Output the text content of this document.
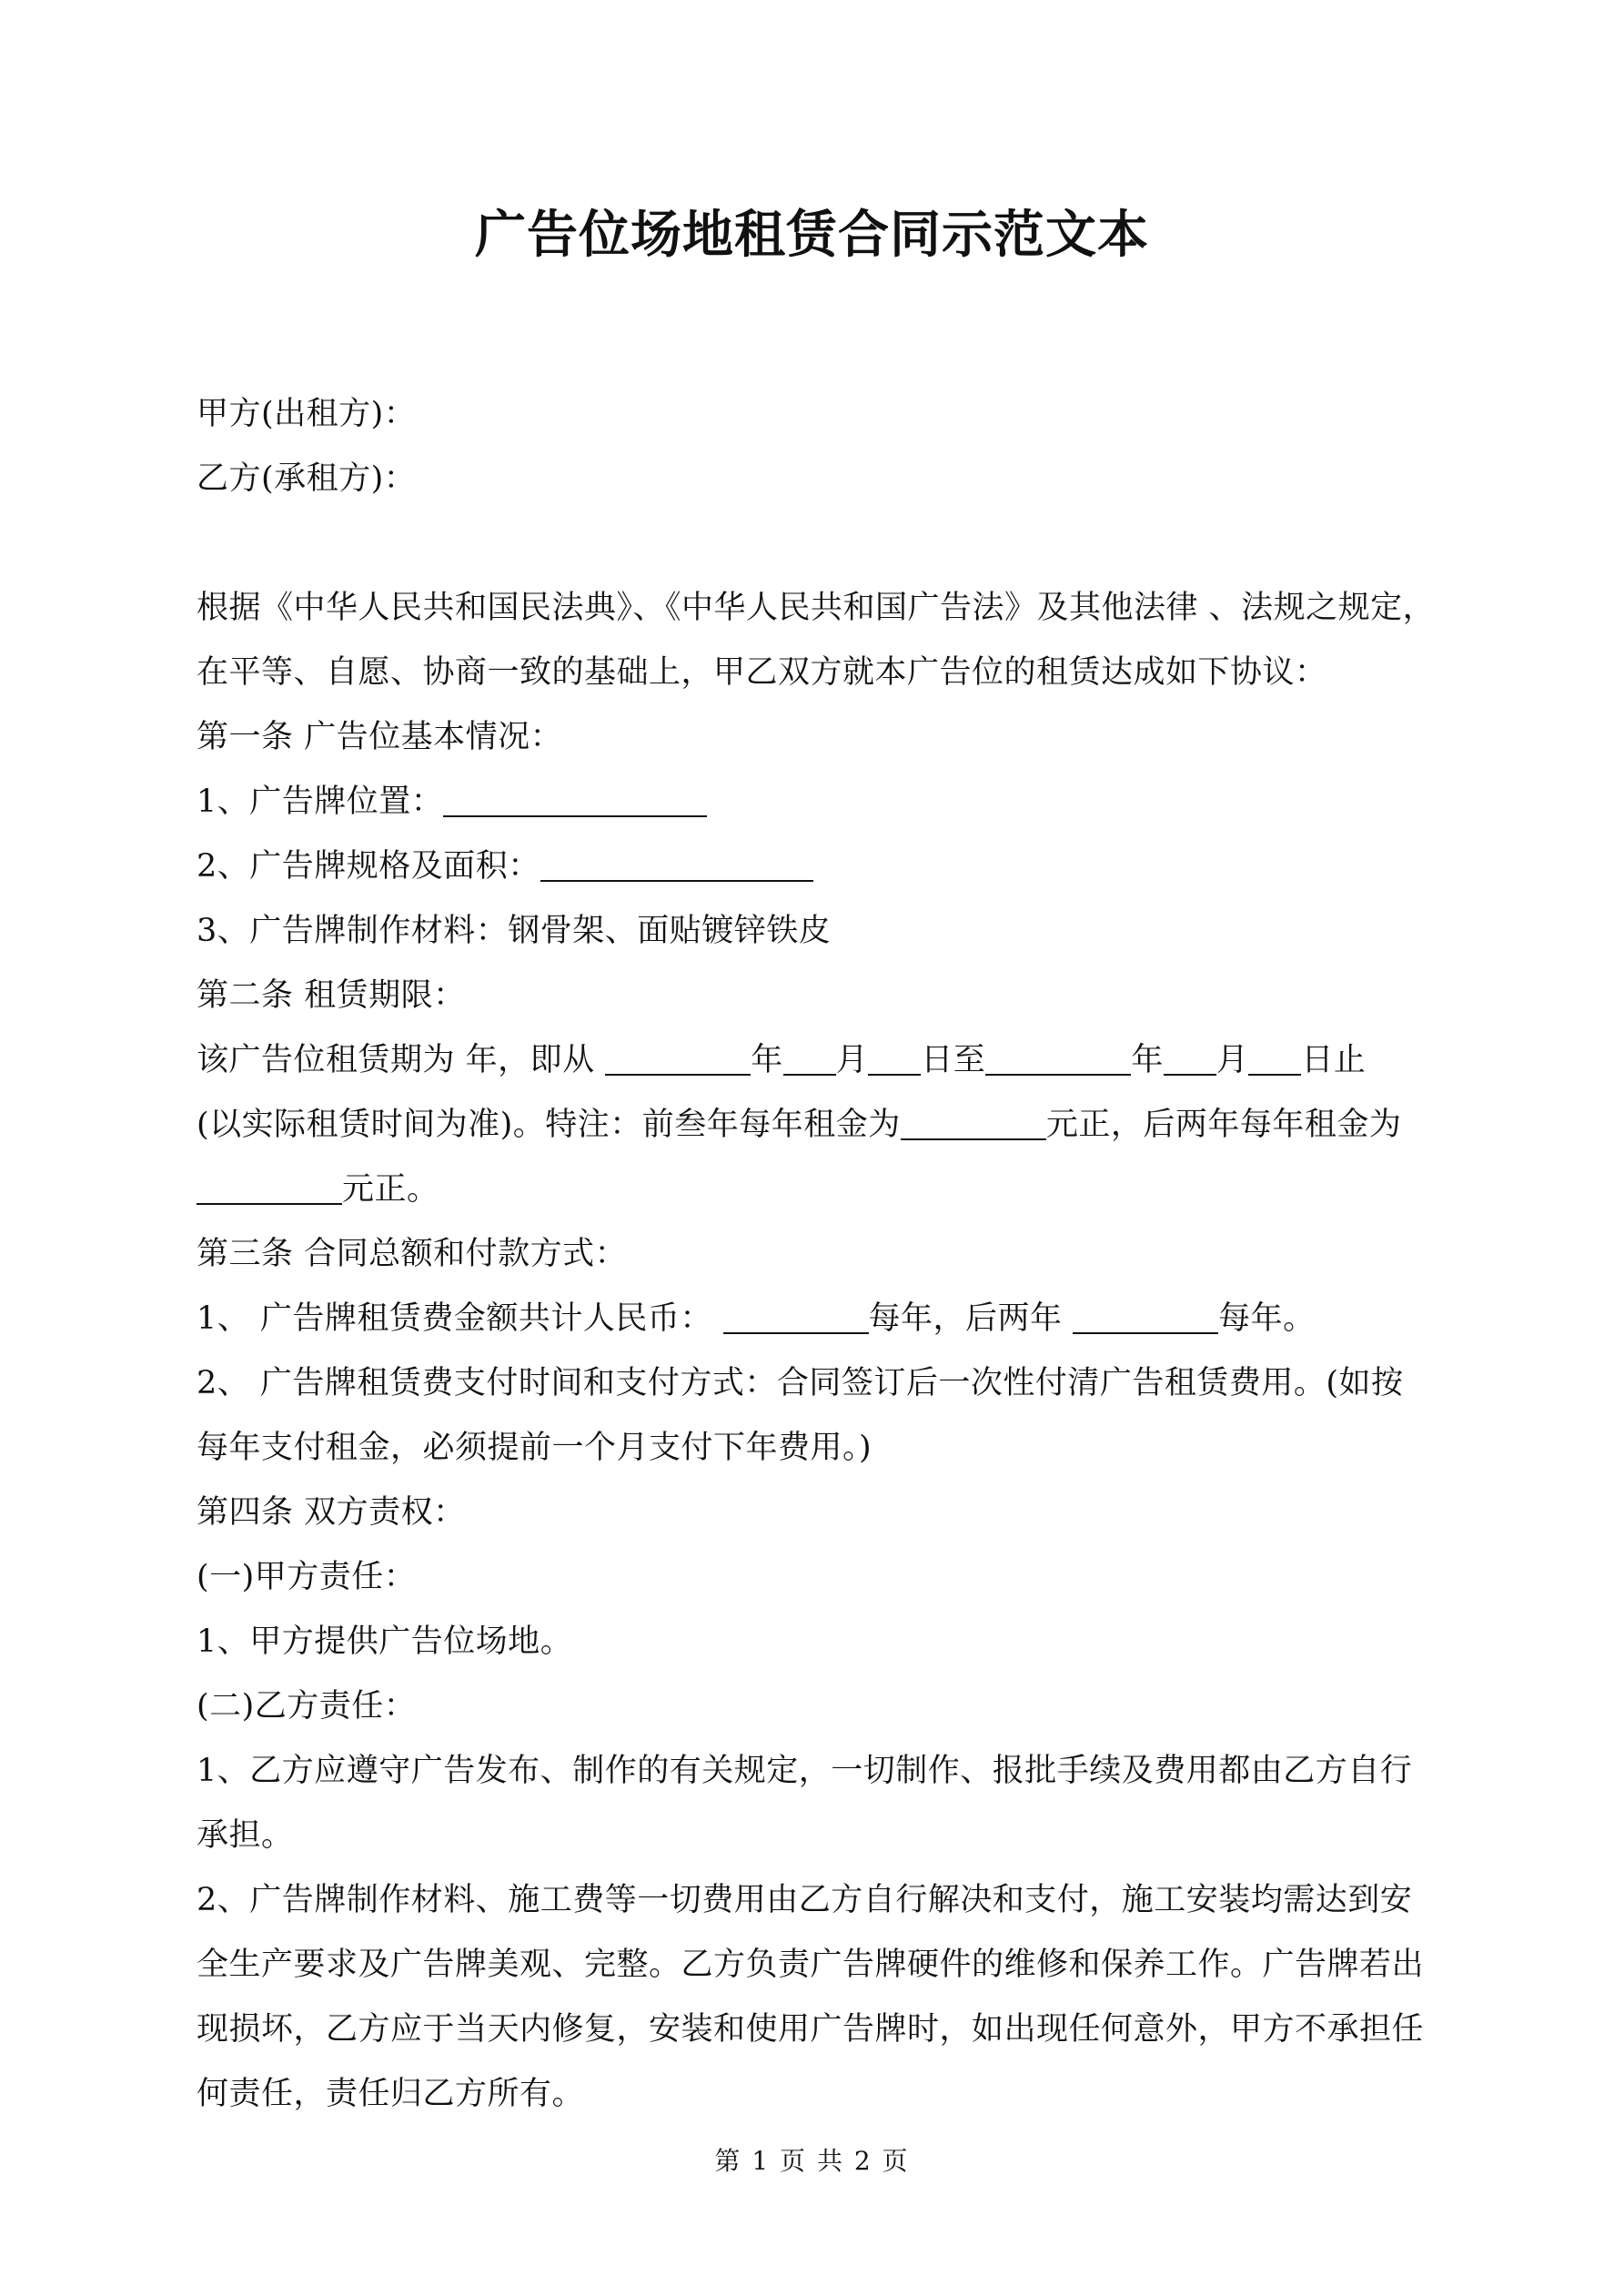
广告位场地租赁合同示范文本

甲方(出租方)：

乙方(承租方)：

根据《中华人民共和国民法典》、《中华人民共和国广告法》及其他法律 、法规之规定，

在平等、自愿、协商一致的基础上，甲乙双方就本广告位的租赁达成如下协议：

第一条 广告位基本情况：

1、广告牌位置：

2、广告牌规格及面积：

3、广告牌制作材料：钢骨架、面贴镀锌铁皮

第二条 租赁期限：

该广告位租赁期为 年，即从	年 月 日至	年 月 日止

(以实际租赁时间为准)。特注：前叁年每年租金为	元正，后两年每年租金为

元正。

第三条 合同总额和付款方式：

1、 广告牌租赁费金额共计人民币：	每年，后两年	每年。

2、 广告牌租赁费支付时间和支付方式：合同签订后一次性付清广告租赁费用。(如按

每年支付租金，必须提前一个月支付下年费用。)

第四条 双方责权：

(一)甲方责任：

1、甲方提供广告位场地。

(二)乙方责任：

1、乙方应遵守广告发布、制作的有关规定，一切制作、报批手续及费用都由乙方自行

承担。

2、广告牌制作材料、施工费等一切费用由乙方自行解决和支付，施工安装均需达到安

全生产要求及广告牌美观、完整。乙方负责广告牌硬件的维修和保养工作。广告牌若出

现损坏，乙方应于当天内修复，安装和使用广告牌时，如出现任何意外，甲方不承担任

何责任，责任归乙方所有。

第 1 页 共 2 页
